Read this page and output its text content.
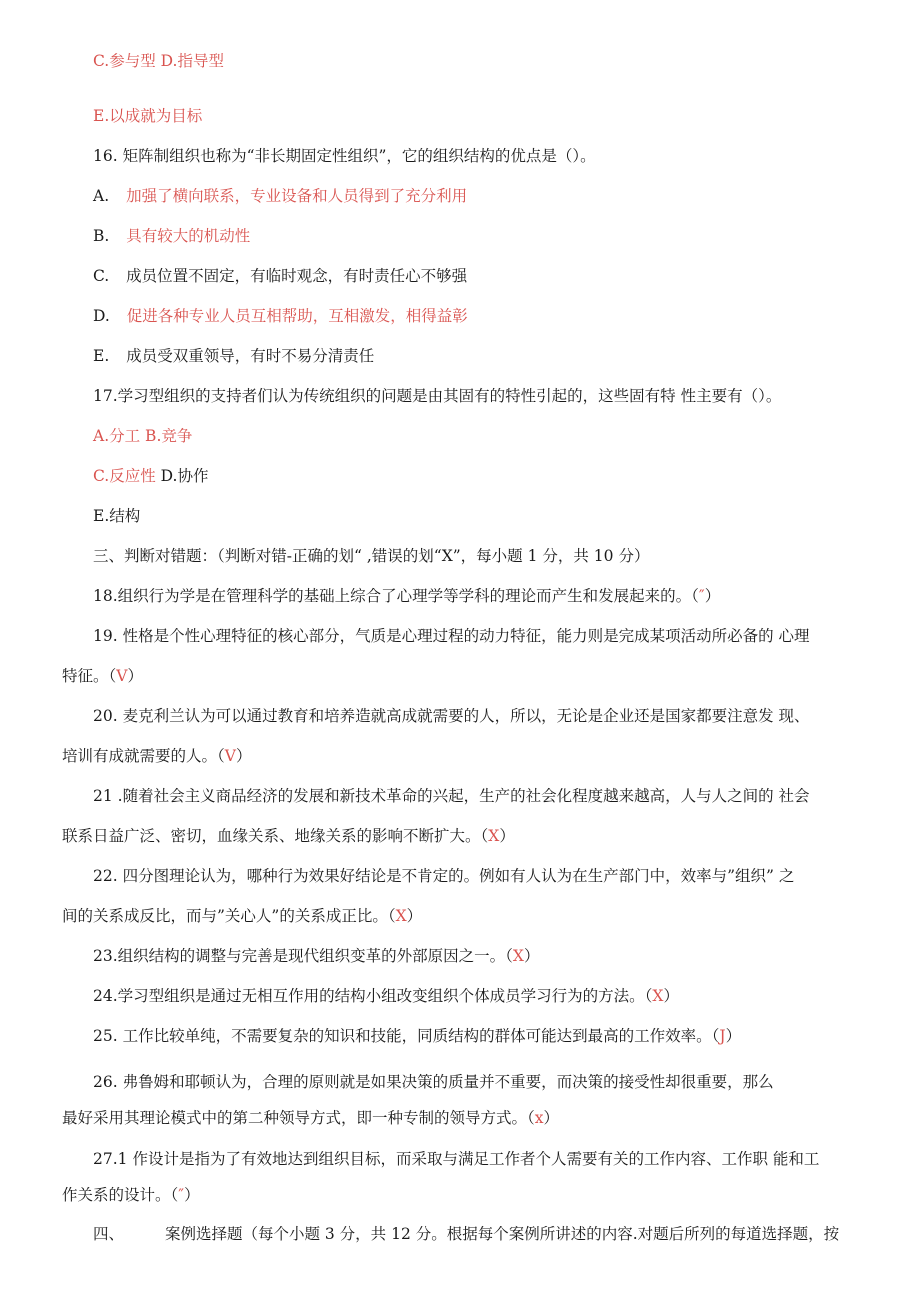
C.参与型 D.指导型
E.以成就为目标
16. 矩阵制组织也称为“非长期固定性组织”，它的组织结构的优点是（）。
A. 加强了横向联系，专业设备和人员得到了充分利用
B. 具有较大的机动性
C. 成员位置不固定，有临时观念，有时责任心不够强
D. 促进各种专业人员互相帮助，互相激发，相得益彰
E. 成员受双重领导，有时不易分清责任
17.学习型组织的支持者们认为传统组织的问题是由其固有的特性引起的，这些固有特 性主要有（）。
A.分工 B.竞争
C.反应性 D.协作
E.结构
三、判断对错题：（判断对错-正确的划“ ,错误的划“X”，每小题 1 分，共 10 分）
18.组织行为学是在管理科学的基础上综合了心理学等学科的理论而产生和发展起来的。（″）
19. 性格是个性心理特征的核心部分，气质是心理过程的动力特征，能力则是完成某项活动所必备的 心理
特征。（V）
20. 麦克利兰认为可以通过教育和培养造就高成就需要的人，所以，无论是企业还是国家都要注意发 现、
培训有成就需要的人。（V）
21 .随着社会主义商品经济的发展和新技术革命的兴起，生产的社会化程度越来越高，人与人之间的 社会
联系日益广泛、密切，血缘关系、地缘关系的影响不断扩大。（X）
22. 四分图理论认为，哪种行为效果好结论是不肯定的。例如有人认为在生产部门中，效率与”组织” 之
间的关系成反比，而与”关心人”的关系成正比。（X）
23.组织结构的调整与完善是现代组织变革的外部原因之一。（X）
24.学习型组织是通过无相互作用的结构小组改变组织个体成员学习行为的方法。（X）
25. 工作比较单纯，不需要复杂的知识和技能，同质结构的群体可能达到最高的工作效率。（J）
26. 弗鲁姆和耶顿认为，合理的原则就是如果决策的质量并不重要，而决策的接受性却很重要，那么
最好采用其理论模式中的第二种领导方式，即一种专制的领导方式。（x）
27.1 作设计是指为了有效地达到组织目标，而采取与满足工作者个人需要有关的工作内容、工作职 能和工
作关系的设计。（″）
四、	案例选择题（每个小题 3 分，共 12 分。根据每个案例所讲述的内容.对题后所列的每道选择题，按
